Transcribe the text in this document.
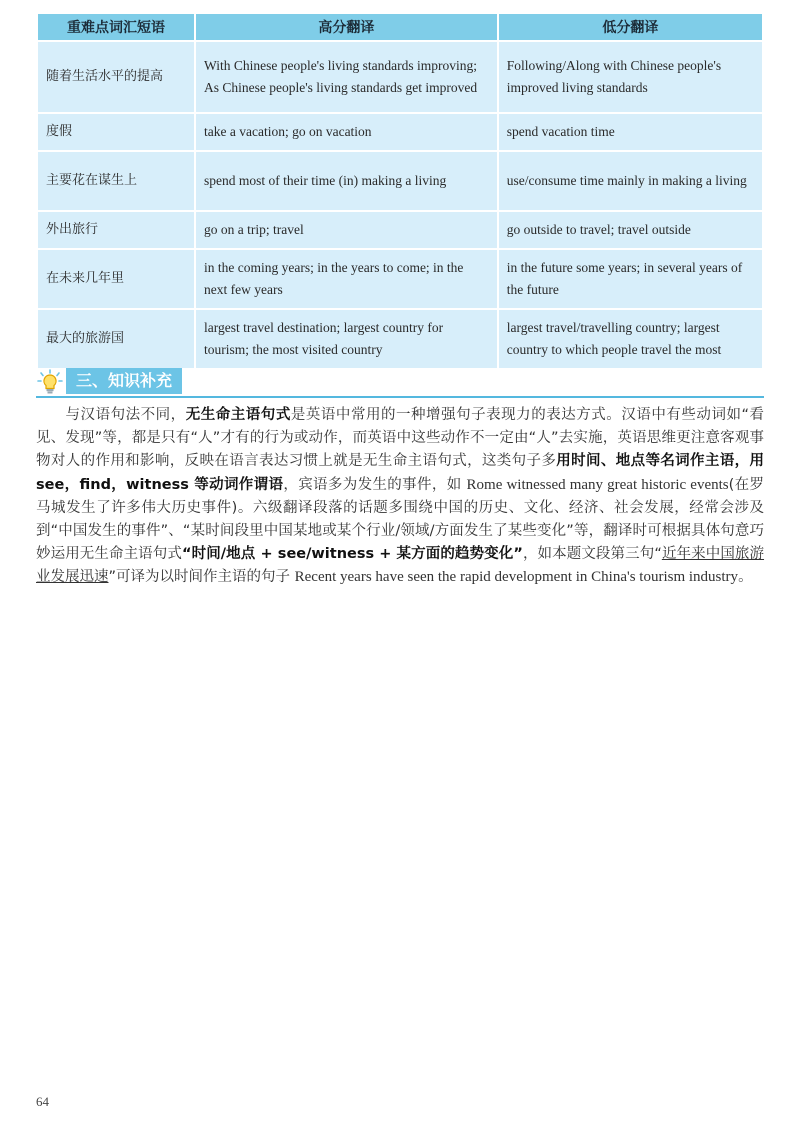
重难点词汇短语	高分翻译	低分翻译
随着生活水平的提高	With Chinese people's living standards improving; As Chinese people's living standards get improved	Following/Along with Chinese people's improved living standards
度假	take a vacation; go on vacation	spend vacation time
主要花在谋生上	spend most of their time (in) making a living	use/consume time mainly in making a living
外出旅行	go on a trip; travel	go outside to travel; travel outside
在未来几年里	in the coming years; in the years to come; in the next few years	in the future some years; in several years of the future
最大的旅游国	largest travel destination; largest country for tourism; the most visited country	largest travel/travelling country; largest country to which people travel the most
三、知识补充
与汉语句法不同，无生命主语句式是英语中常用的一种增强句子表现力的表达方式。汉语中有些动词如“看见、发现”等，都是只有“人”才有的行为或动作，而英语中这些动作不一定由“人”去实施，英语思维更注意客观事物对人的作用和影响，反映在语言表达习惯上就是无生命主语句式，这类句子多用时间、地点等名词作主语，用 see，find，witness 等动词作谓语，宾语多为发生的事件，如 Rome witnessed many great historic events(在罗马城发生了许多伟大历史事件)。六级翻译段落的话题多围绕中国的历史、文化、经济、社会发展，经常会涉及到“中国发生的事件”、“某时间段里中国某地或某个行业/领域/方面发生了某些变化”等，翻译时可根据具体句意巧妙运用无生命主语句式“时间/地点 + see/witness + 某方面的趋势变化”，如本题文段第三句“近年来中国旅游业发展迅速”可译为以时间作主语的句子 Recent years have seen the rapid development in China's tourism industry。
64
